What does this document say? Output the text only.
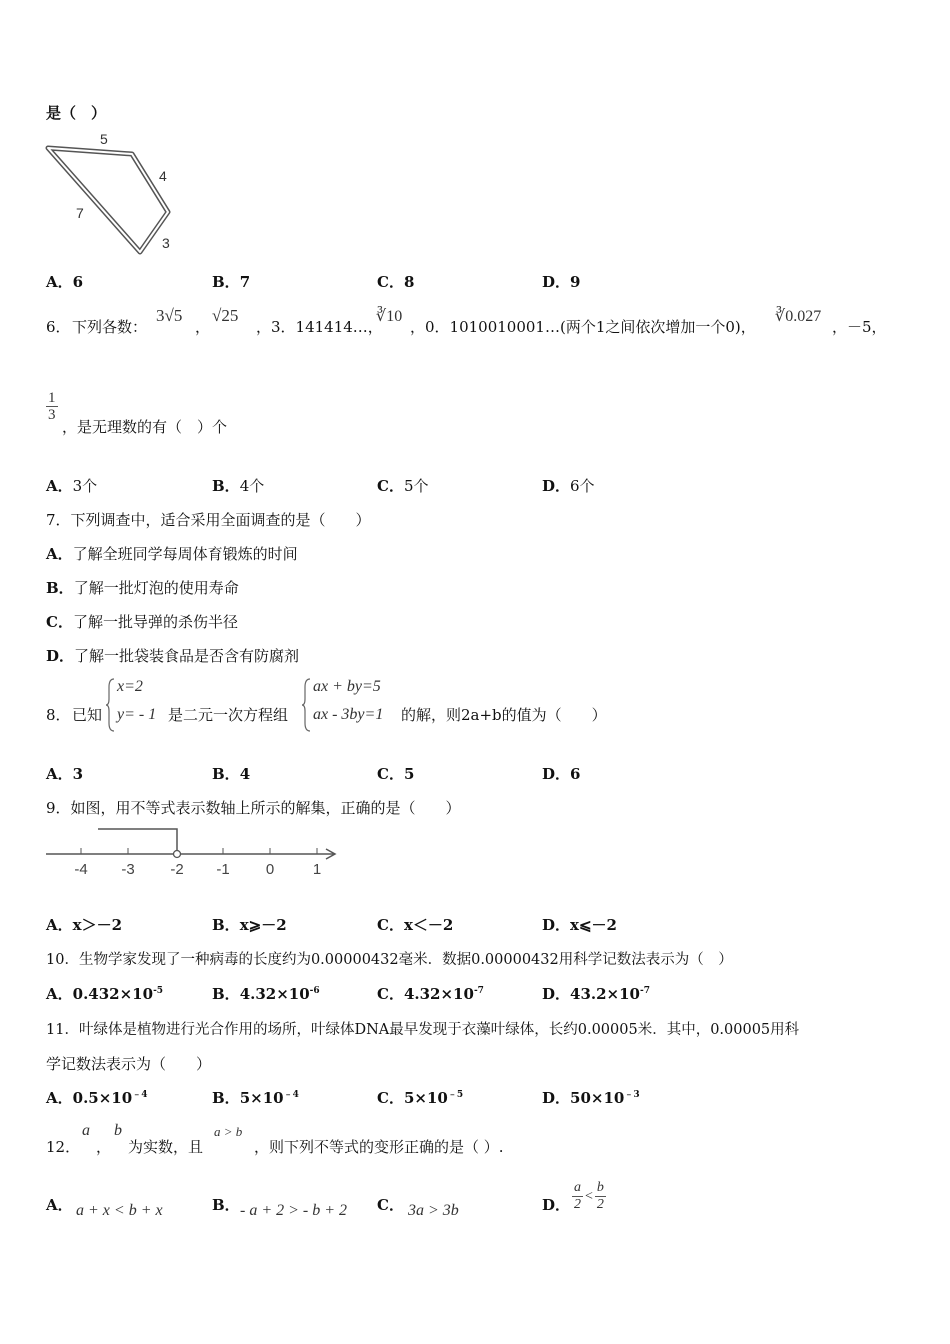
是（　）
5
4
3
7
A．6	B．7	C．8	D．9
6． 下列各数：
3√5
，
√25
，3．141414…，
∛10
，0．1010010001…(两个1之间依次增加一个0)，
∛0.027
，－5，
$\frac{1}{3}$
，是无理数的有（　）个
A．3个	B．4个	C．5个	D．6个
7．下列调查中，适合采用全面调查的是（　　）
A．了解全班同学每周体育锻炼的时间
B．了解一批灯泡的使用寿命
C．了解一批导弹的杀伤半径
D．了解一批袋装食品是否含有防腐剂
8． 已知
x=2
y= - 1 是二元一次方程组
ax + by=5
ax - 3by=1 的解，则2a+b的值为（　　）
A．3	B．4	C．5	D．6
9．如图，用不等式表示数轴上所示的解集，正确的是（　　）
-4 -3 -2 -1 0	1
A．x＞－2	B．x⩾－2	C．x＜－2	D．x⩽－2
10．生物学家发现了一种病毒的长度约为0.00000432毫米．数据0.00000432用科学记数法表示为（　）
A．$0.432\times 10^{-5}$	B．$4.32\times 10^{-6}$	C．$4.32\times 10^{-7}$	D．$43.2\times 10^{-7}$
11．叶绿体是植物进行光合作用的场所，叶绿体DNA最早发现于衣藻叶绿体，长约0.00005米．其中，0.00005用科
学记数法表示为（　　）
A．$0.5\times 10^{﹣4}$	B．$5\times 10^{﹣4}$	C．$5\times 10^{﹣5}$	D．$50\times 10^{﹣3}$
12．
a
，
b
为实数，且
a > b
，则下列不等式的变形正确的是（ ）.
A． a + x < b + x	B． - a + 2 > - b + 2 C． 3a > 3b	D． $\frac{a}{2} < \frac{b}{2}$
